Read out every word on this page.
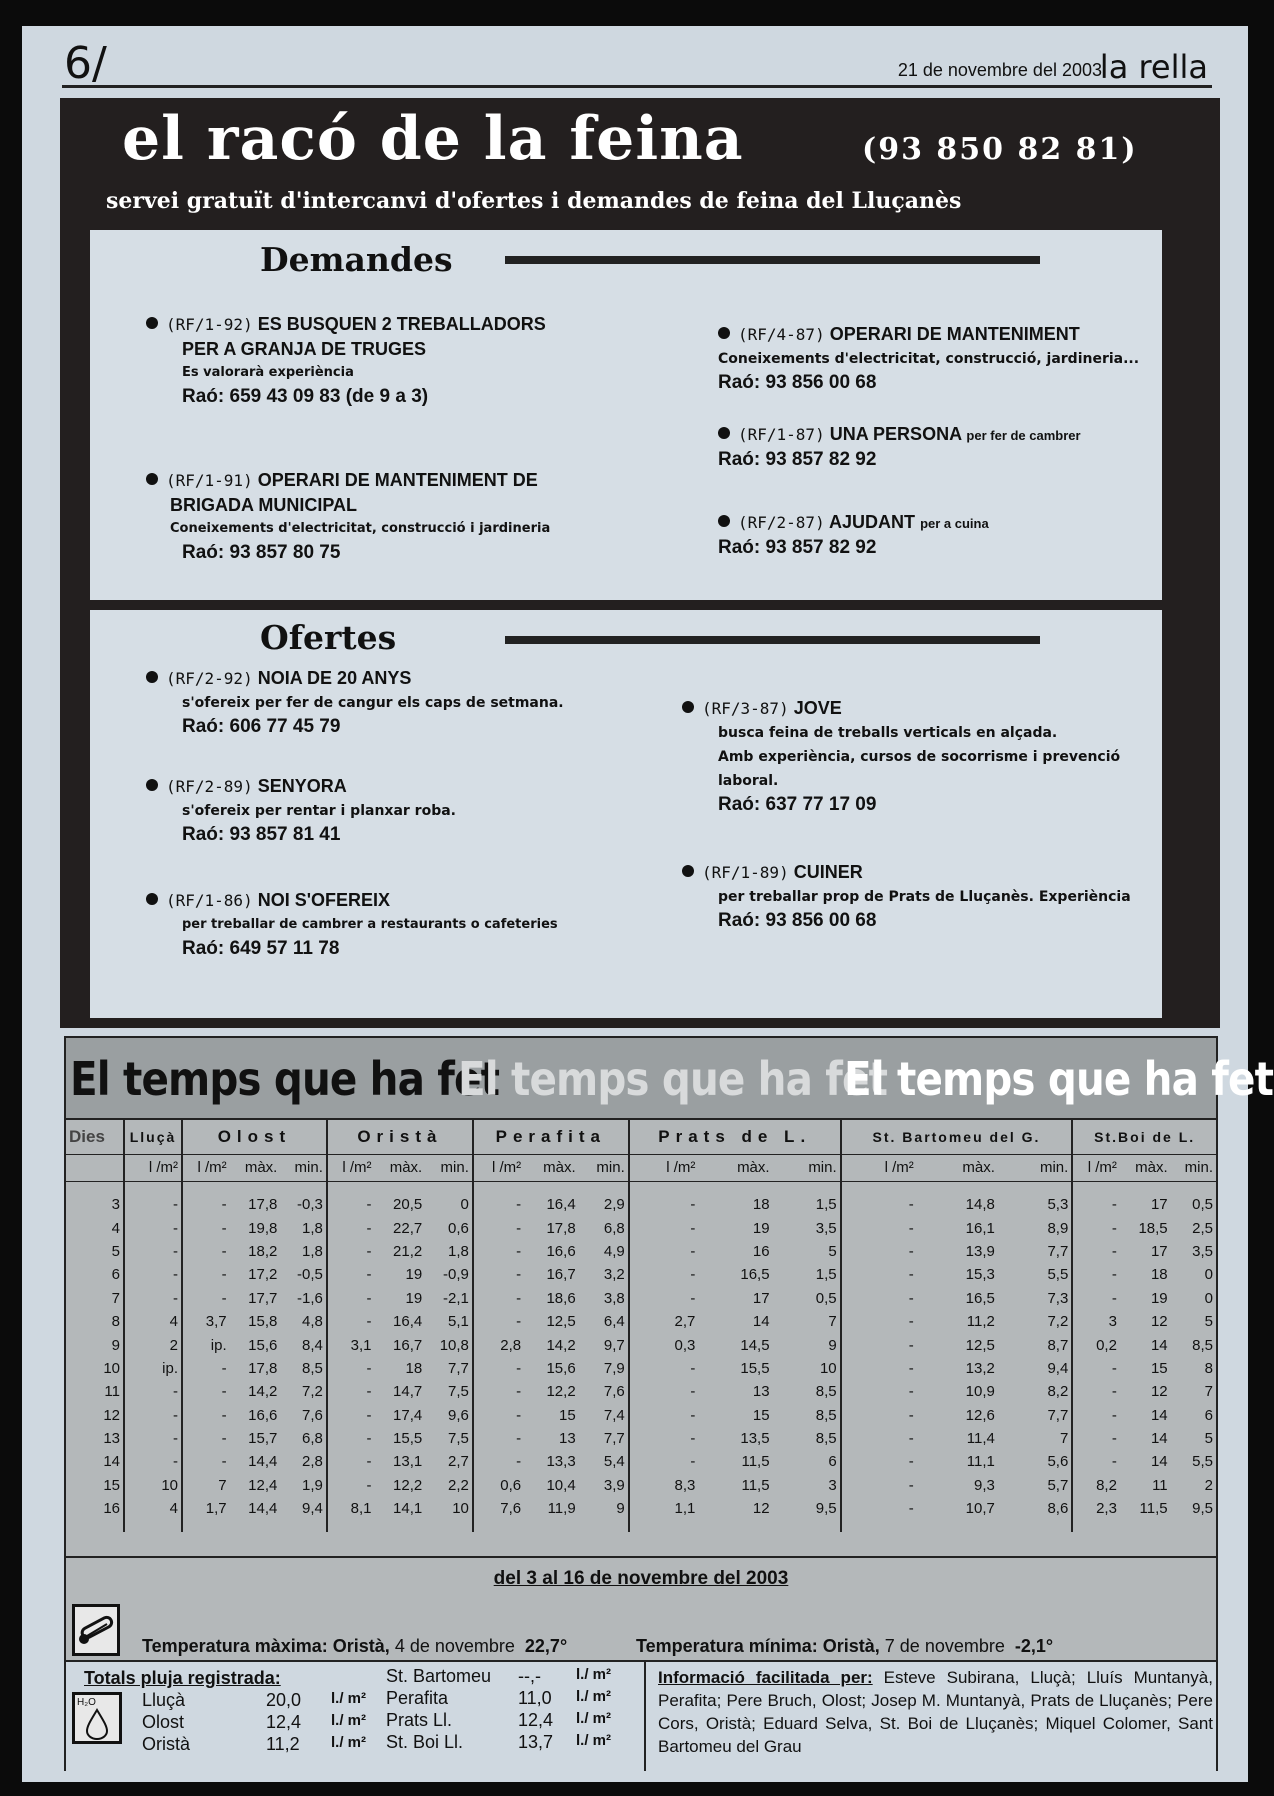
6/	21 de novembre del 2003
la rella
el racó de la feina	(93 850 82 81)
servei gratuït d'intercanvi d'ofertes i demandes de feina del Lluçanès
Demandes
(RF/1-92) ES BUSQUEN 2 TREBALLADORS
PER A GRANJA DE TRUGES
Es valorarà experiència
Raó: 659 43 09 83 (de 9 a 3)
(RF/1-91) OPERARI DE MANTENIMENT DE
BRIGADA MUNICIPAL
Coneixements d'electricitat, construcció i jardineria
Raó: 93 857 80 75
(RF/4-87) OPERARI DE MANTENIMENT
Coneixements d'electricitat, construcció, jardineria...
Raó: 93 856 00 68
(RF/1-87) UNA PERSONA per fer de cambrer
Raó: 93 857 82 92
(RF/2-87) AJUDANT per a cuina
Raó: 93 857 82 92
Ofertes
(RF/2-92) NOIA DE 20 ANYS
s'ofereix per fer de cangur els caps de setmana.
Raó: 606 77 45 79
(RF/2-89) SENYORA
s'ofereix per rentar i planxar roba.
Raó: 93 857 81 41
(RF/1-86) NOI S'OFEREIX
per treballar de cambrer a restaurants o cafeteries
Raó: 649 57 11 78
(RF/3-87) JOVE
busca feina de treballs verticals en alçada.
Amb experiència, cursos de socorrisme i prevenció
laboral.
Raó: 637 77 17 09
(RF/1-89) CUINER
per treballar prop de Prats de Lluçanès. Experiència
Raó: 93 856 00 68
El temps que ha fet
El temps que ha fet
El temps que ha fet
Dies	Lluçà	Olost			Oristà			Perafita			Prats de L.			St. Bartomeu del G.			St.Boi de L.		
	l /m²	l /m²	màx.	min.	l /m²	màx.	min.	l /m²	màx.	min.	l /m²	màx.	min.	l /m²	màx.	min.	l /m²	màx.	min.

3	-	-	17,8	-0,3	-	20,5	0	-	16,4	2,9	-	18	1,5	-	14,8	5,3	-	17	0,5
4	-	-	19,8	1,8	-	22,7	0,6	-	17,8	6,8	-	19	3,5	-	16,1	8,9	-	18,5	2,5
5	-	-	18,2	1,8	-	21,2	1,8	-	16,6	4,9	-	16	5	-	13,9	7,7	-	17	3,5
6	-	-	17,2	-0,5	-	19	-0,9	-	16,7	3,2	-	16,5	1,5	-	15,3	5,5	-	18	0
7	-	-	17,7	-1,6	-	19	-2,1	-	18,6	3,8	-	17	0,5	-	16,5	7,3	-	19	0
8	4	3,7	15,8	4,8	-	16,4	5,1	-	12,5	6,4	2,7	14	7	-	11,2	7,2	3	12	5
9	2	ip.	15,6	8,4	3,1	16,7	10,8	2,8	14,2	9,7	0,3	14,5	9	-	12,5	8,7	0,2	14	8,5
10	ip.	-	17,8	8,5	-	18	7,7	-	15,6	7,9	-	15,5	10	-	13,2	9,4	-	15	8
11	-	-	14,2	7,2	-	14,7	7,5	-	12,2	7,6	-	13	8,5	-	10,9	8,2	-	12	7
12	-	-	16,6	7,6	-	17,4	9,6	-	15	7,4	-	15	8,5	-	12,6	7,7	-	14	6
13	-	-	15,7	6,8	-	15,5	7,5	-	13	7,7	-	13,5	8,5	-	11,4	7	-	14	5
14	-	-	14,4	2,8	-	13,1	2,7	-	13,3	5,4	-	11,5	6	-	11,1	5,6	-	14	5,5
15	10	7	12,4	1,9	-	12,2	2,2	0,6	10,4	3,9	8,3	11,5	3	-	9,3	5,7	8,2	11	2
16	4	1,7	14,4	9,4	8,1	14,1	10	7,6	11,9	9	1,1	12	9,5	-	10,7	8,6	2,3	11,5	9,5

del 3 al 16 de novembre del 2003
Temperatura màxima: Oristà, 4 de novembre 22,7°	Temperatura mínima: Oristà, 7 de novembre -2,1°
Totals pluja registrada:
H₂O	Lluçà	20,0 l./ m²
Olost	12,4 l./ m²
Oristà	11,2 l./ m²
St. Bartomeu --,- l./ m²
Perafita	11,0 l./ m²
Prats Ll.	12,4 l./ m²
St. Boi Ll.	13,7 l./ m²
Informació facilitada per: Esteve Subirana, Lluçà; Lluís Muntanyà, Perafita; Pere Bruch, Olost; Josep M. Muntanyà, Prats de Lluçanès; Pere Cors, Oristà; Eduard Selva, St. Boi de Lluçanès; Miquel Colomer, Sant Bartomeu del Grau
